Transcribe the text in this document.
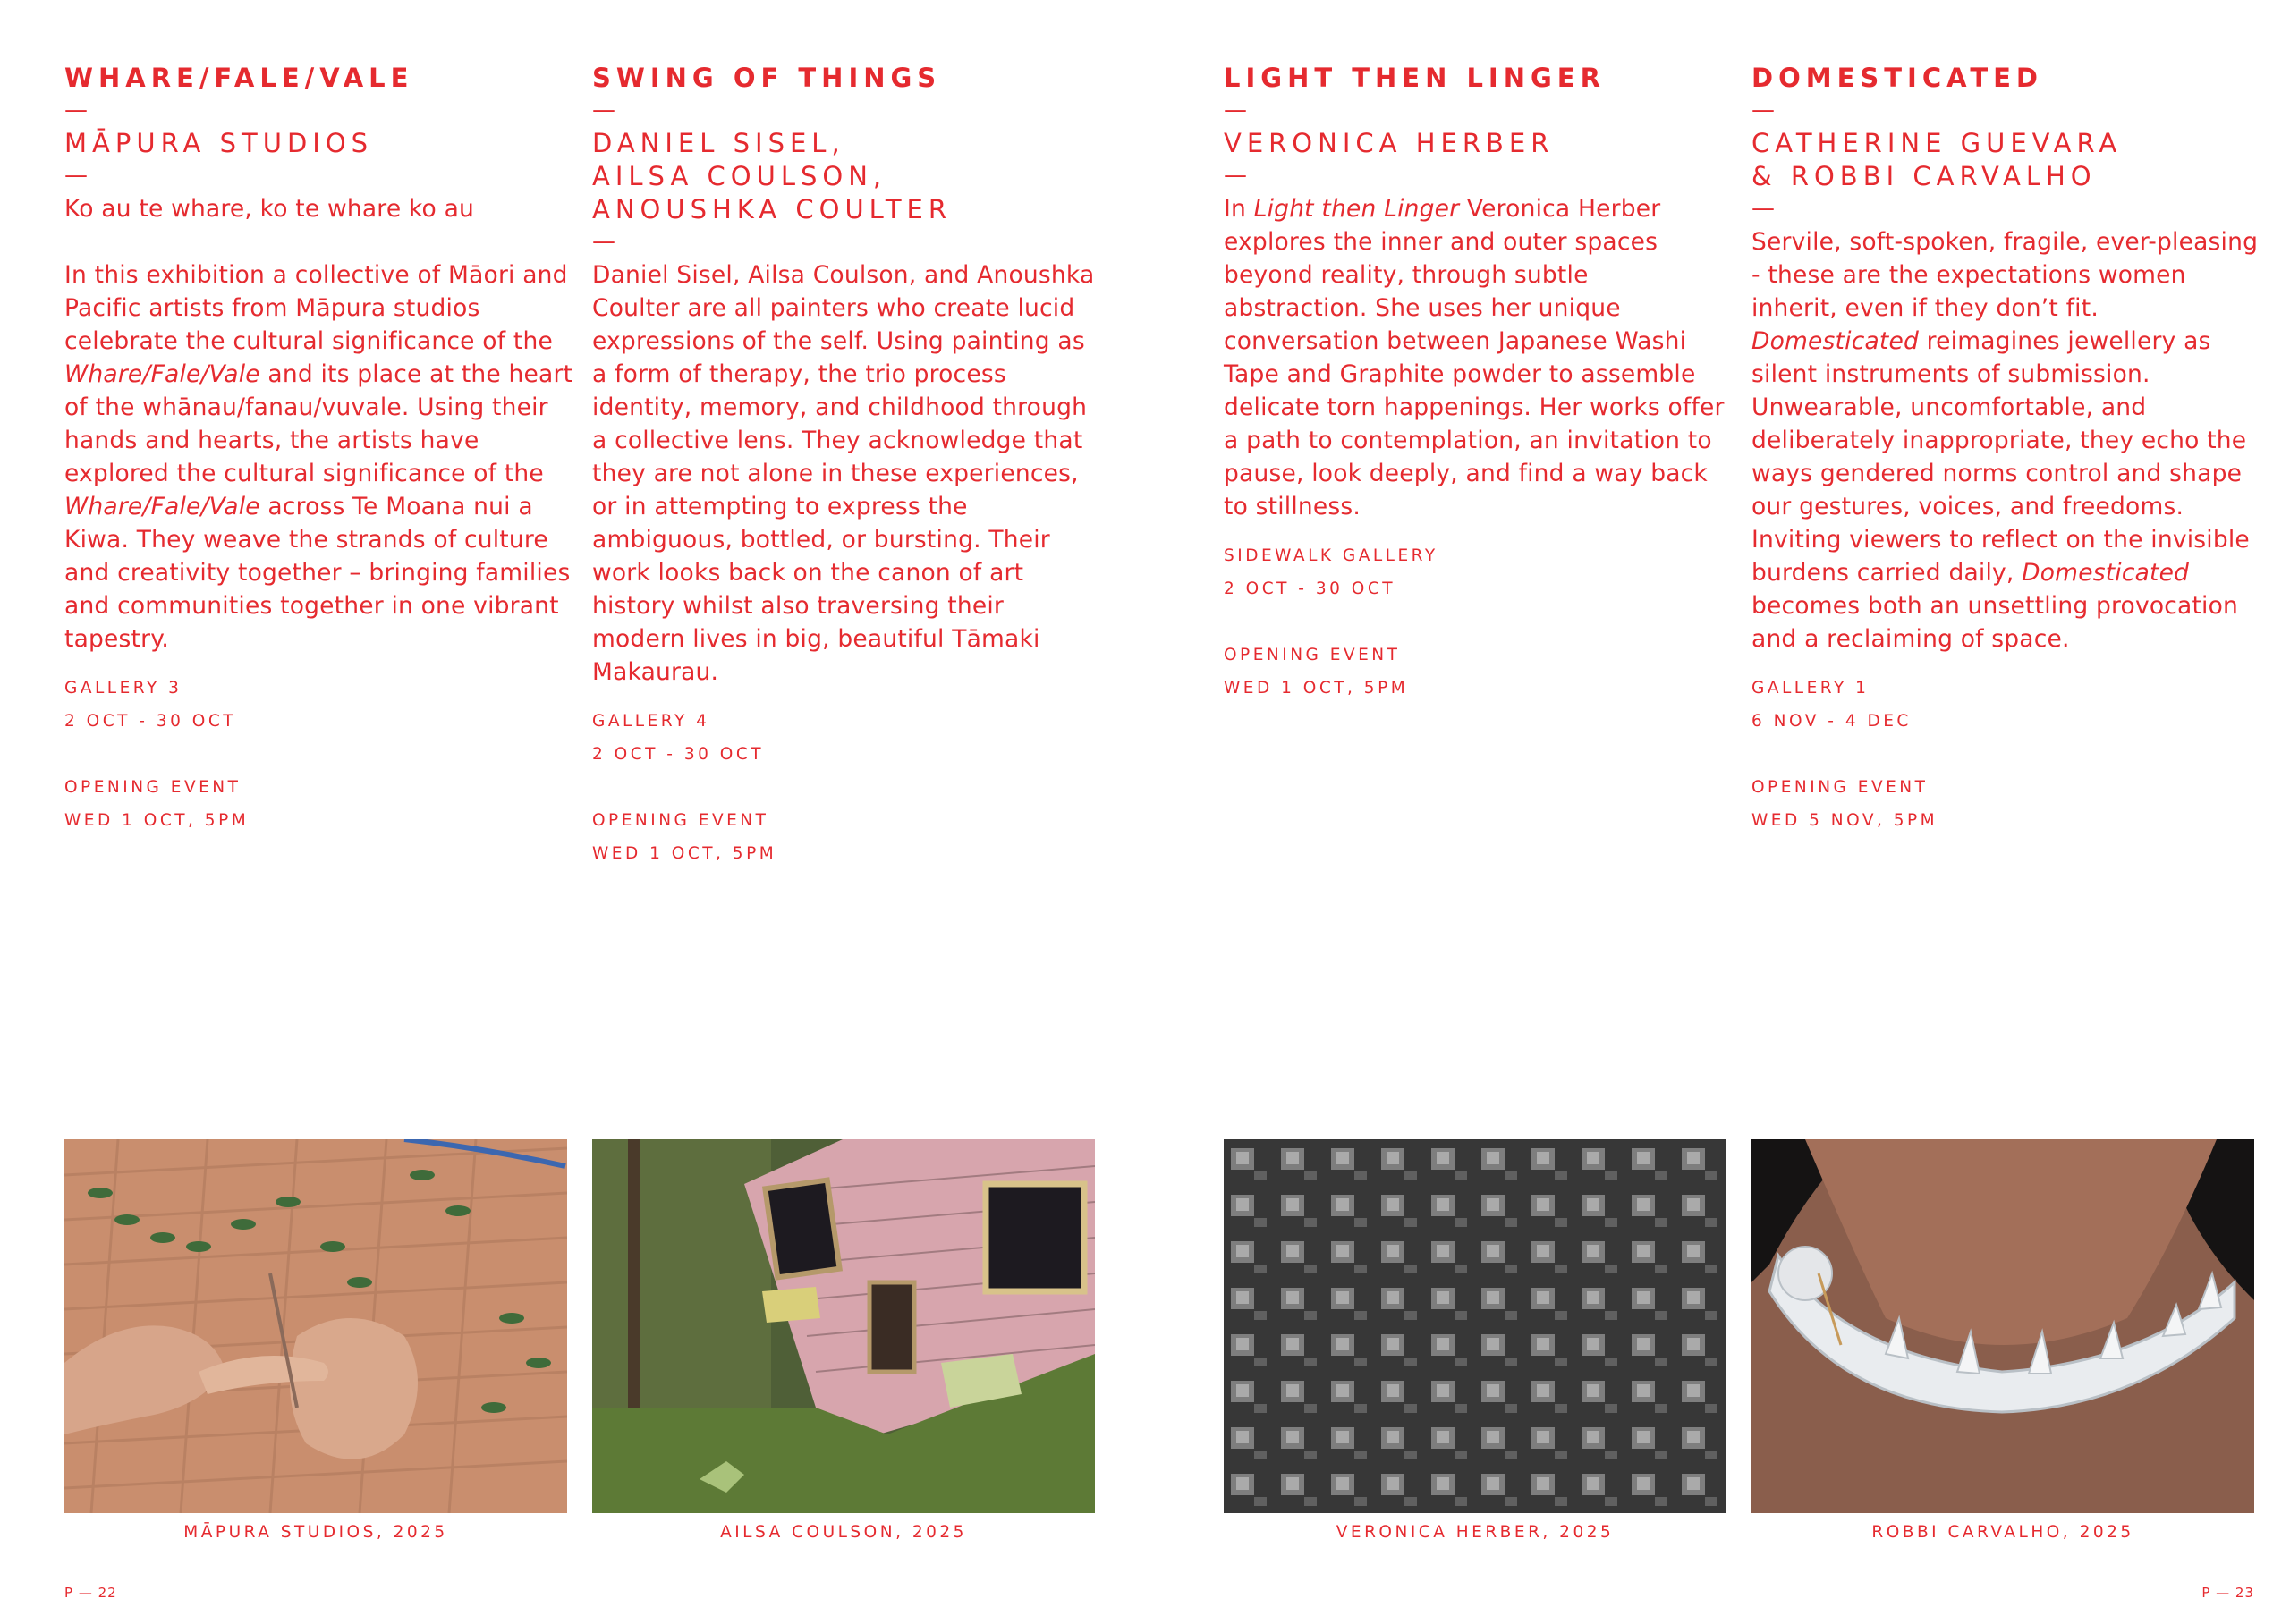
WHARE/FALE/VALE

—

MĀPURA STUDIOS

—

Ko au te whare, ko te whare ko au

In this exhibition a collective of Māori and Pacific artists from Māpura studios celebrate the cultural significance of the Whare/Fale/Vale and its place at the heart of the whānau/fanau/vuvale. Using their hands and hearts, the artists have explored the cultural significance of the Whare/Fale/Vale across Te Moana nui a Kiwa. They weave the strands of culture and creativity together – bringing families and communities together in one vibrant tapestry.

GALLERY 3

2 OCT - 30 OCT

OPENING EVENT

WED 1 OCT, 5PM

SWING OF THINGS

—

DANIEL SISEL,
AILSA COULSON,
ANOUSHKA COULTER

—

Daniel Sisel, Ailsa Coulson, and Anoushka Coulter are all painters who create lucid expressions of the self. Using painting as a form of therapy, the trio process identity, memory, and childhood through a collective lens. They acknowledge that they are not alone in these experiences, or in attempting to express the ambiguous, bottled, or bursting. Their work looks back on the canon of art history whilst also traversing their modern lives in big, beautiful Tāmaki Makaurau.

GALLERY 4

2 OCT - 30 OCT

OPENING EVENT

WED 1 OCT, 5PM

LIGHT THEN LINGER

—

VERONICA HERBER

—

In Light then Linger Veronica Herber explores the inner and outer spaces beyond reality, through subtle abstraction. She uses her unique conversation between Japanese Washi Tape and Graphite powder to assemble delicate torn happenings. Her works offer a path to contemplation, an invitation to pause, look deeply, and find a way back to stillness.

SIDEWALK GALLERY

2 OCT - 30 OCT

OPENING EVENT

WED 1 OCT, 5PM

DOMESTICATED

—

CATHERINE GUEVARA
& ROBBI CARVALHO

—

Servile, soft-spoken, fragile, ever-pleasing - these are the expectations women inherit, even if they don’t fit. Domesticated reimagines jewellery as silent instruments of submission. Unwearable, uncomfortable, and deliberately inappropriate, they echo the ways gendered norms control and shape our gestures, voices, and freedoms. Inviting viewers to reflect on the invisible burdens carried daily, Domesticated becomes both an unsettling provocation and a reclaiming of space.

GALLERY 1

6 NOV - 4 DEC

OPENING EVENT

WED 5 NOV, 5PM

MĀPURA STUDIOS, 2025	AILSA COULSON, 2025	VERONICA HERBER, 2025	ROBBI CARVALHO, 2025
P — 22	P — 23
